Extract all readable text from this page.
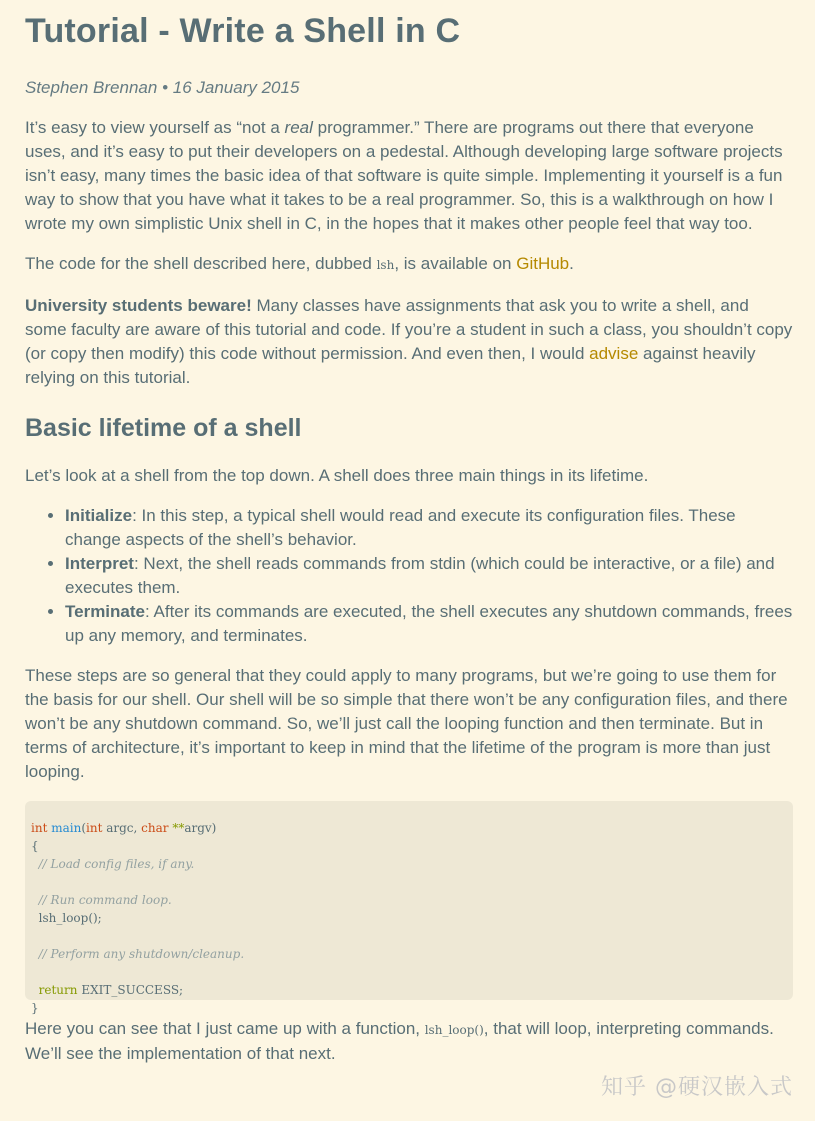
Tutorial - Write a Shell in C
Stephen Brennan • 16 January 2015

It’s easy to view yourself as “not a real programmer.” There are programs out there that everyone uses, and it’s easy to put their developers on a pedestal. Although developing large software projects isn’t easy, many times the basic idea of that software is quite simple. Implementing it yourself is a fun way to show that you have what it takes to be a real programmer. So, this is a walkthrough on how I wrote my own simplistic Unix shell in C, in the hopes that it makes other people feel that way too.

The code for the shell described here, dubbed lsh, is available on GitHub.

University students beware! Many classes have assignments that ask you to write a shell, and some faculty are aware of this tutorial and code. If you’re a student in such a class, you shouldn’t copy (or copy then modify) this code without permission. And even then, I would advise against heavily relying on this tutorial.

Basic lifetime of a shell

Let’s look at a shell from the top down. A shell does three main things in its lifetime.

• Initialize: In this step, a typical shell would read and execute its configuration files. These change aspects of the shell’s behavior.
• Interpret: Next, the shell reads commands from stdin (which could be interactive, or a file) and executes them.
• Terminate: After its commands are executed, the shell executes any shutdown commands, frees up any memory, and terminates.

These steps are so general that they could apply to many programs, but we’re going to use them for the basis for our shell. Our shell will be so simple that there won’t be any configuration files, and there won’t be any shutdown command. So, we’ll just call the looping function and then terminate. But in terms of architecture, it’s important to keep in mind that the lifetime of the program is more than just looping.

int main(int argc, char **argv)
{
// Load config files, if any.

// Run command loop.
lsh_loop();

// Perform any shutdown/cleanup.

return EXIT_SUCCESS;
}

Here you can see that I just came up with a function, lsh_loop(), that will loop, interpreting commands. We’ll see the implementation of that next.

知乎 @硬汉嵌入式
